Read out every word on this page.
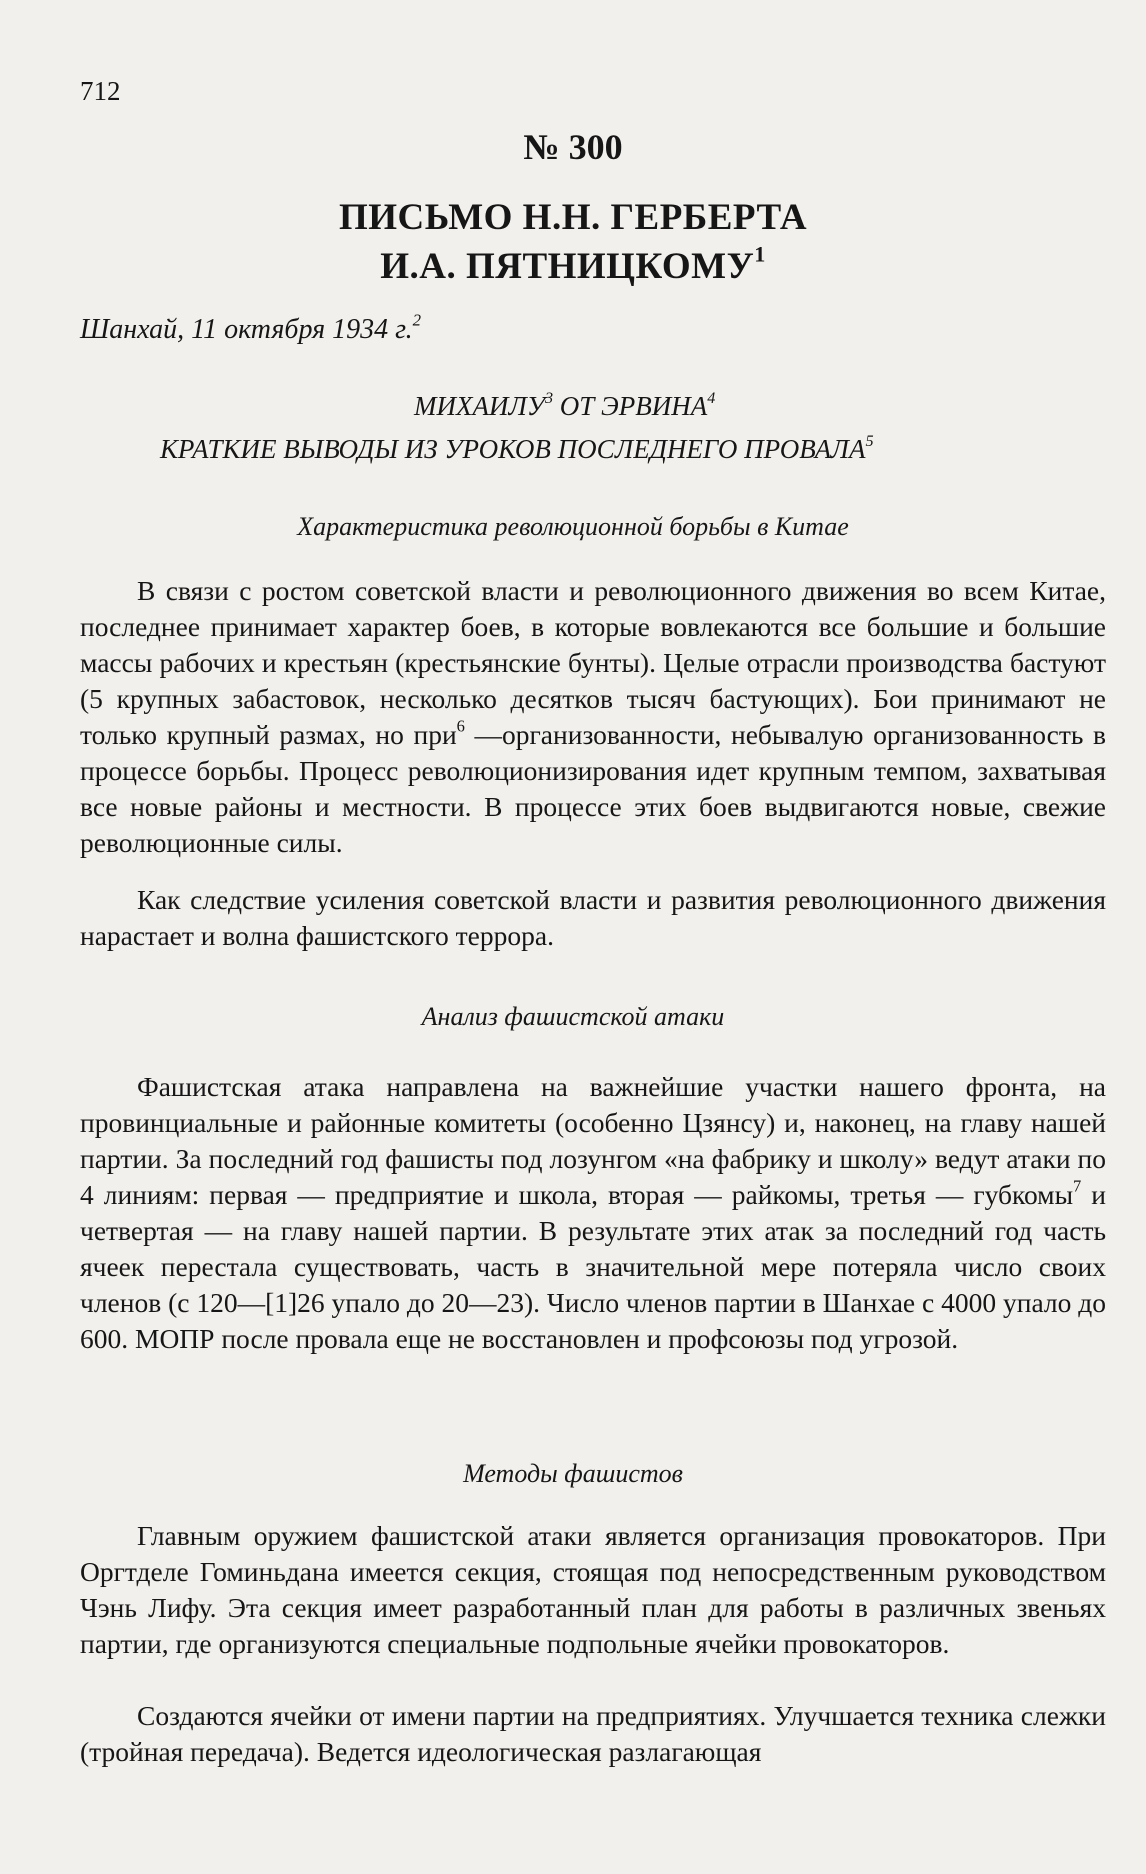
712
№ 300
ПИСЬМО Н.Н. ГЕРБЕРТА
И.А. ПЯТНИЦКОМУ$^1$
Шанхай, 11 октября 1934 г.$^2$
МИХАИЛУ$^3$ ОТ ЭРВИНА$^4$
КРАТКИЕ ВЫВОДЫ ИЗ УРОКОВ ПОСЛЕДНЕГО ПРОВАЛА$^5$
Характеристика революционной борьбы в Китае

В связи с ростом советской власти и революционного движения во всем Китае, последнее принимает характер боев, в которые вовлекаются все большие и большие массы рабочих и крестьян (крестьянские бунты). Целые отрасли производства бастуют (5 крупных забастовок, несколько десятков тысяч бастующих). Бои принимают не только крупный размах, но при$^6$ —организованности, небывалую организованность в процессе борьбы. Процесс революционизирования идет крупным темпом, захватывая все новые районы и местности. В процессе этих боев выдвигаются новые, свежие революционные силы.

Как следствие усиления советской власти и развития революционного движения нарастает и волна фашистского террора.

Анализ фашистской атаки

Фашистская атака направлена на важнейшие участки нашего фронта, на провинциальные и районные комитеты (особенно Цзянсу) и, наконец, на главу нашей партии. За последний год фашисты под лозунгом «на фабрику и школу» ведут атаки по 4 линиям: первая — предприятие и школа, вторая — райкомы, третья — губкомы$^7$ и четвертая — на главу нашей партии. В результате этих атак за последний год часть ячеек перестала существовать, часть в значительной мере потеряла число своих членов (с 120—[1]26 упало до 20—23). Число членов партии в Шанхае с 4000 упало до 600. МОПР после провала еще не восстановлен и профсоюзы под угрозой.

Методы фашистов

Главным оружием фашистской атаки является организация провокаторов. При Оргтделе Гоминьдана имеется секция, стоящая под непосредственным руководством Чэнь Лифу. Эта секция имеет разработанный план для работы в различных звеньях партии, где организуются специальные подпольные ячейки провокаторов.

Создаются ячейки от имени партии на предприятиях. Улучшается техника слежки (тройная передача). Ведется идеологическая разлагающая
